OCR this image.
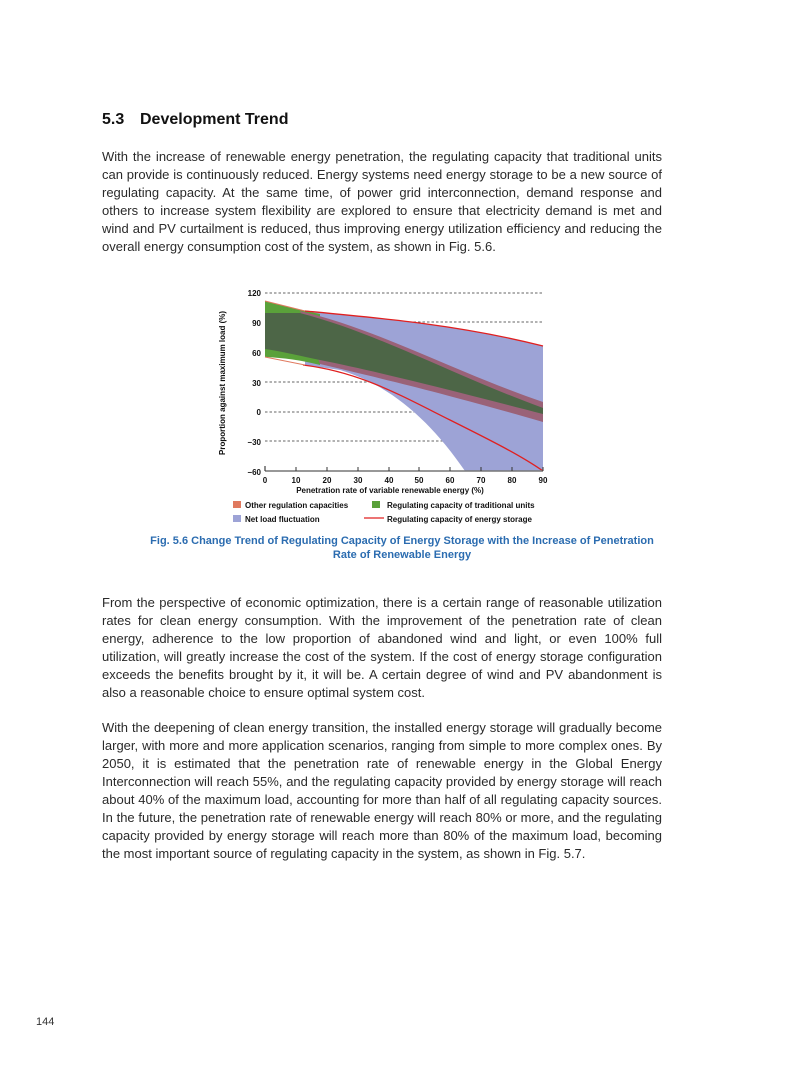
5.3 Development Trend
With the increase of renewable energy penetration, the regulating capacity that traditional units can provide is continuously reduced. Energy systems need energy storage to be a new source of regulating capacity. At the same time, of power grid interconnection, demand response and others to increase system flexibility are explored to ensure that electricity demand is met and wind and PV curtailment is reduced, thus improving energy utilization efficiency and reducing the overall energy consumption cost of the system, as shown in Fig. 5.6.
120
90
60
30
0
−30
−60
0	10	20	30	40	50	60	70	80	90
Penetration rate of variable renewable energy (%)
Proportion against maximum load (%)
Other regulation capacities	Regulating capacity of traditional units
Net load fluctuation	Regulating capacity of energy storage
Fig. 5.6 Change Trend of Regulating Capacity of Energy Storage with the Increase of Penetration
Rate of Renewable Energy
From the perspective of economic optimization, there is a certain range of reasonable utilization rates for clean energy consumption. With the improvement of the penetration rate of clean energy, adherence to the low proportion of abandoned wind and light, or even 100% full utilization, will greatly increase the cost of the system. If the cost of energy storage configuration exceeds the benefits brought by it, it will be. A certain degree of wind and PV abandonment is also a reasonable choice to ensure optimal system cost.
With the deepening of clean energy transition, the installed energy storage will gradually become larger, with more and more application scenarios, ranging from simple to more complex ones. By 2050, it is estimated that the penetration rate of renewable energy in the Global Energy Interconnection will reach 55%, and the regulating capacity provided by energy storage will reach about 40% of the maximum load, accounting for more than half of all regulating capacity sources. In the future, the penetration rate of renewable energy will reach 80% or more, and the regulating capacity provided by energy storage will reach more than 80% of the maximum load, becoming the most important source of regulating capacity in the system, as shown in Fig. 5.7.
144
